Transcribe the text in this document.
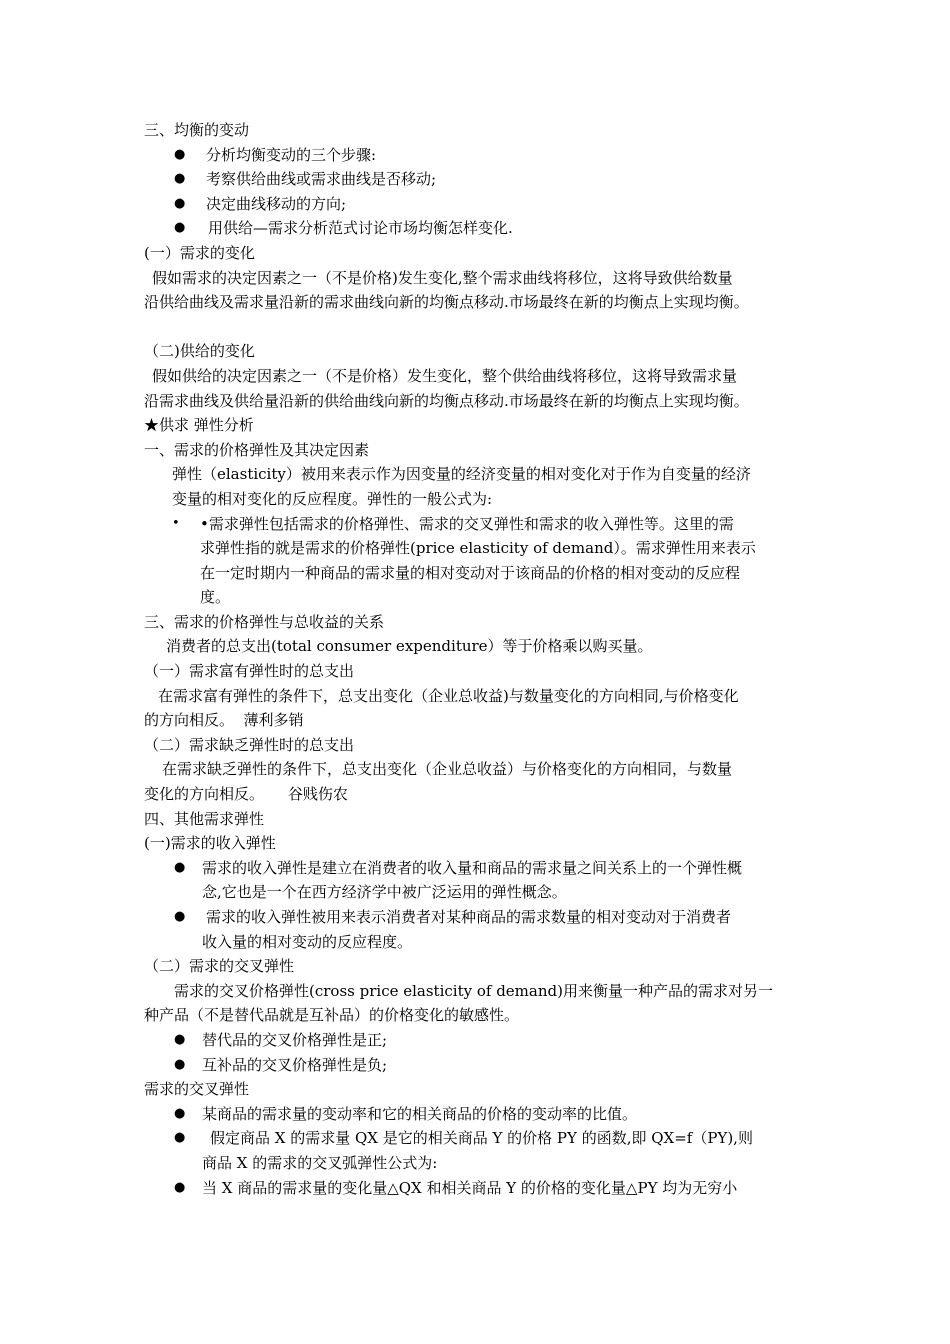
三、均衡的变动
● 分析均衡变动的三个步骤:
● 考察供给曲线或需求曲线是否移动;
● 决定曲线移动的方向;
● 用供给—需求分析范式讨论市场均衡怎样变化.
(一）需求的变化
假如需求的决定因素之一（不是价格)发生变化,整个需求曲线将移位，这将导致供给数量
沿供给曲线及需求量沿新的需求曲线向新的均衡点移动.市场最终在新的均衡点上实现均衡。
（二)供给的变化
假如供给的决定因素之一（不是价格）发生变化，整个供给曲线将移位，这将导致需求量
沿需求曲线及供给量沿新的供给曲线向新的均衡点移动.市场最终在新的均衡点上实现均衡。
★供求 弹性分析
一、需求的价格弹性及其决定因素
弹性（elasticity）被用来表示作为因变量的经济变量的相对变化对于作为自变量的经济
变量的相对变化的反应程度。弹性的一般公式为:
• •需求弹性包括需求的价格弹性、需求的交叉弹性和需求的收入弹性等。这里的需
求弹性指的就是需求的价格弹性(price elasticity of demand）。需求弹性用来表示
在一定时期内一种商品的需求量的相对变动对于该商品的价格的相对变动的反应程
度。
三、需求的价格弹性与总收益的关系
消费者的总支出(total consumer expenditure）等于价格乘以购买量。
（一）需求富有弹性时的总支出
在需求富有弹性的条件下，总支出变化（企业总收益)与数量变化的方向相同,与价格变化
的方向相反。  薄利多销
（二）需求缺乏弹性时的总支出
在需求缺乏弹性的条件下，总支出变化（企业总收益）与价格变化的方向相同，与数量
变化的方向相反。     谷贱伤农
四、其他需求弹性
(一)需求的收入弹性
● 需求的收入弹性是建立在消费者的收入量和商品的需求量之间关系上的一个弹性概
念,它也是一个在西方经济学中被广泛运用的弹性概念。
● 需求的收入弹性被用来表示消费者对某种商品的需求数量的相对变动对于消费者
收入量的相对变动的反应程度。
（二）需求的交叉弹性
需求的交叉价格弹性(cross price elasticity of demand)用来衡量一种产品的需求对另一
种产品（不是替代品就是互补品）的价格变化的敏感性。
● 替代品的交叉价格弹性是正;
● 互补品的交叉价格弹性是负;
需求的交叉弹性
● 某商品的需求量的变动率和它的相关商品的价格的变动率的比值。
● 假定商品 X 的需求量 QX 是它的相关商品 Y 的价格 PY 的函数,即 QX=f（PY),则
商品 X 的需求的交叉弧弹性公式为:
● 当 X 商品的需求量的变化量△QX 和相关商品 Y 的价格的变化量△PY 均为无穷小
